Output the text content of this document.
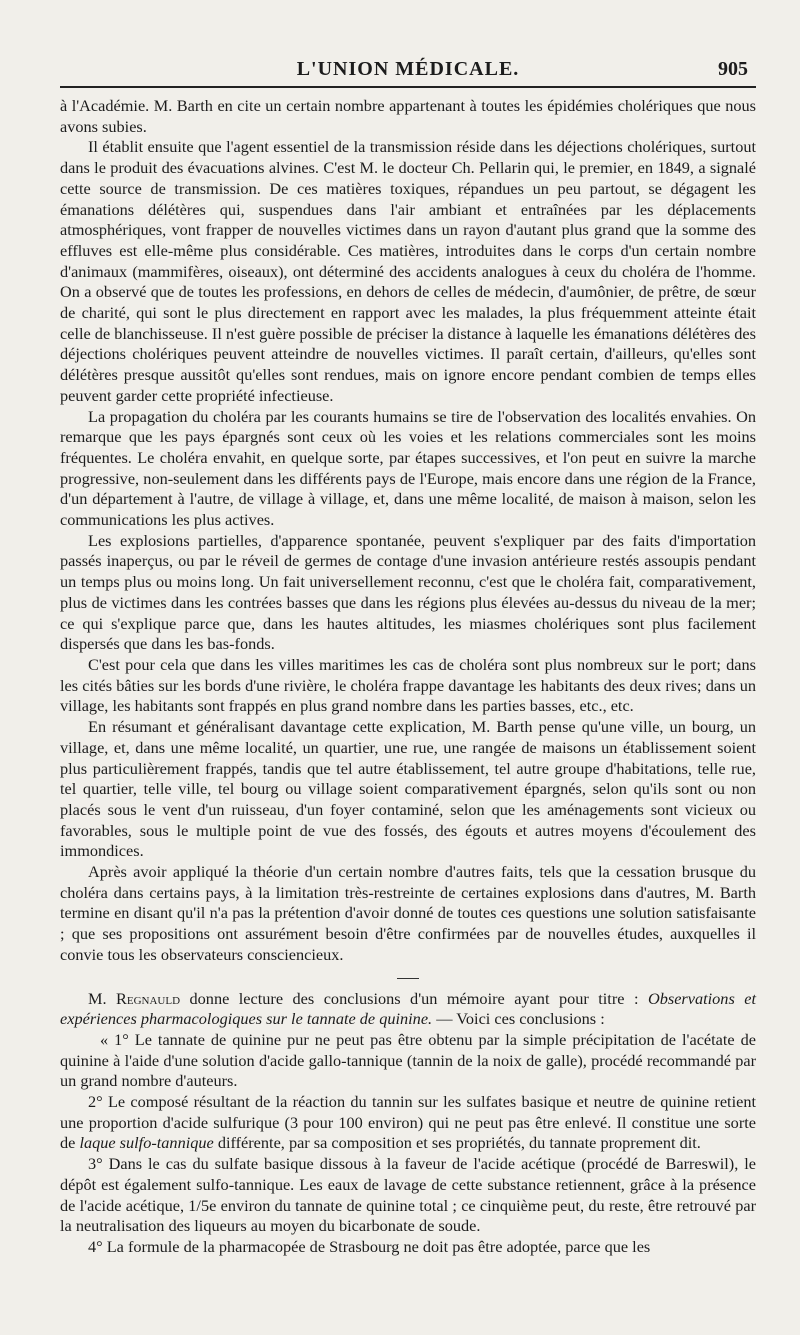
L'UNION MÉDICALE.	905

à l'Académie. M. Barth en cite un certain nombre appartenant à toutes les épidémies cholériques que nous avons subies.

Il établit ensuite que l'agent essentiel de la transmission réside dans les déjections cholériques, surtout dans le produit des évacuations alvines. C'est M. le docteur Ch. Pellarin qui, le premier, en 1849, a signalé cette source de transmission. De ces matières toxiques, répandues un peu partout, se dégagent les émanations délétères qui, suspendues dans l'air ambiant et entraînées par les déplacements atmosphériques, vont frapper de nouvelles victimes dans un rayon d'autant plus grand que la somme des effluves est elle-même plus considérable. Ces matières, introduites dans le corps d'un certain nombre d'animaux (mammifères, oiseaux), ont déterminé des accidents analogues à ceux du choléra de l'homme. On a observé que de toutes les professions, en dehors de celles de médecin, d'aumônier, de prêtre, de sœur de charité, qui sont le plus directement en rapport avec les malades, la plus fréquemment atteinte était celle de blanchisseuse. Il n'est guère possible de préciser la distance à laquelle les émanations délétères des déjections cholériques peuvent atteindre de nouvelles victimes. Il paraît certain, d'ailleurs, qu'elles sont délétères presque aussitôt qu'elles sont rendues, mais on ignore encore pendant combien de temps elles peuvent garder cette propriété infectieuse.

La propagation du choléra par les courants humains se tire de l'observation des localités envahies. On remarque que les pays épargnés sont ceux où les voies et les relations commerciales sont les moins fréquentes. Le choléra envahit, en quelque sorte, par étapes successives, et l'on peut en suivre la marche progressive, non-seulement dans les différents pays de l'Europe, mais encore dans une région de la France, d'un département à l'autre, de village à village, et, dans une même localité, de maison à maison, selon les communications les plus actives.

Les explosions partielles, d'apparence spontanée, peuvent s'expliquer par des faits d'importation passés inaperçus, ou par le réveil de germes de contage d'une invasion antérieure restés assoupis pendant un temps plus ou moins long. Un fait universellement reconnu, c'est que le choléra fait, comparativement, plus de victimes dans les contrées basses que dans les régions plus élevées au-dessus du niveau de la mer; ce qui s'explique parce que, dans les hautes altitudes, les miasmes cholériques sont plus facilement dispersés que dans les bas-fonds.

C'est pour cela que dans les villes maritimes les cas de choléra sont plus nombreux sur le port; dans les cités bâties sur les bords d'une rivière, le choléra frappe davantage les habitants des deux rives; dans un village, les habitants sont frappés en plus grand nombre dans les parties basses, etc., etc.

En résumant et généralisant davantage cette explication, M. Barth pense qu'une ville, un bourg, un village, et, dans une même localité, un quartier, une rue, une rangée de maisons un établissement soient plus particulièrement frappés, tandis que tel autre établissement, tel autre groupe d'habitations, telle rue, tel quartier, telle ville, tel bourg ou village soient comparativement épargnés, selon qu'ils sont ou non placés sous le vent d'un ruisseau, d'un foyer contaminé, selon que les aménagements sont vicieux ou favorables, sous le multiple point de vue des fossés, des égouts et autres moyens d'écoulement des immondices.

Après avoir appliqué la théorie d'un certain nombre d'autres faits, tels que la cessation brusque du choléra dans certains pays, à la limitation très-restreinte de certaines explosions dans d'autres, M. Barth termine en disant qu'il n'a pas la prétention d'avoir donné de toutes ces questions une solution satisfaisante ; que ses propositions ont assurément besoin d'être confirmées par de nouvelles études, auxquelles il convie tous les observateurs consciencieux.

M. Regnauld donne lecture des conclusions d'un mémoire ayant pour titre : Observations et expériences pharmacologiques sur le tannate de quinine. — Voici ces conclusions :

« 1° Le tannate de quinine pur ne peut pas être obtenu par la simple précipitation de l'acétate de quinine à l'aide d'une solution d'acide gallo-tannique (tannin de la noix de galle), procédé recommandé par un grand nombre d'auteurs.

2° Le composé résultant de la réaction du tannin sur les sulfates basique et neutre de quinine retient une proportion d'acide sulfurique (3 pour 100 environ) qui ne peut pas être enlevé. Il constitue une sorte de laque sulfo-tannique différente, par sa composition et ses propriétés, du tannate proprement dit.

3° Dans le cas du sulfate basique dissous à la faveur de l'acide acétique (procédé de Barreswil), le dépôt est également sulfo-tannique. Les eaux de lavage de cette substance retiennent, grâce à la présence de l'acide acétique, 1/5e environ du tannate de quinine total ; ce cinquième peut, du reste, être retrouvé par la neutralisation des liqueurs au moyen du bicarbonate de soude.

4° La formule de la pharmacopée de Strasbourg ne doit pas être adoptée, parce que les
